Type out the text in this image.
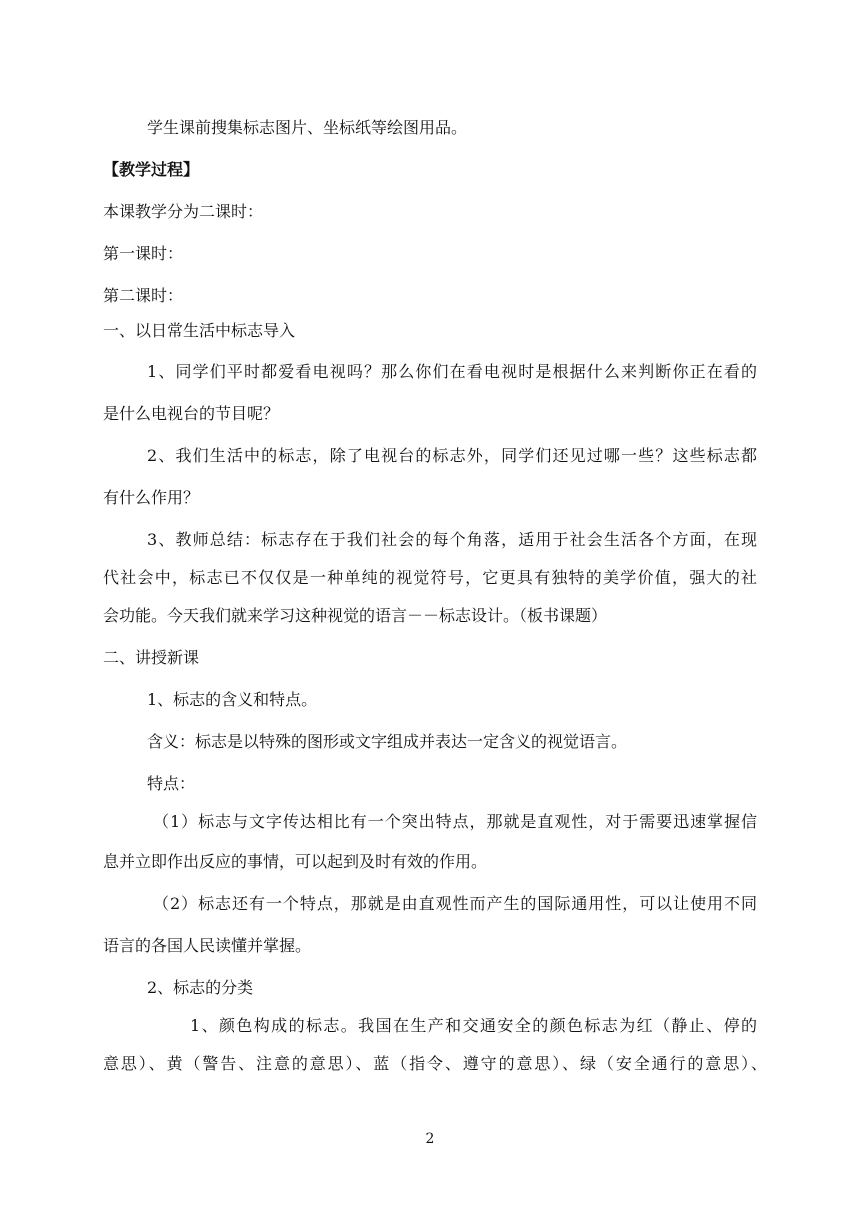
学生课前搜集标志图片、坐标纸等绘图用品。
【教学过程】
本课教学分为二课时：
第一课时：
第二课时：
一、以日常生活中标志导入
1、同学们平时都爱看电视吗？那么你们在看电视时是根据什么来判断你正在看的
是什么电视台的节目呢？
2、我们生活中的标志，除了电视台的标志外，同学们还见过哪一些？这些标志都
有什么作用？
3、教师总结：标志存在于我们社会的每个角落，适用于社会生活各个方面，在现
代社会中，标志已不仅仅是一种单纯的视觉符号，它更具有独特的美学价值，强大的社
会功能。今天我们就来学习这种视觉的语言－－标志设计。（板书课题）
二、讲授新课
1、标志的含义和特点。
含义：标志是以特殊的图形或文字组成并表达一定含义的视觉语言。
特点：
（1）标志与文字传达相比有一个突出特点，那就是直观性，对于需要迅速掌握信
息并立即作出反应的事情，可以起到及时有效的作用。
（2）标志还有一个特点，那就是由直观性而产生的国际通用性，可以让使用不同
语言的各国人民读懂并掌握。
2、标志的分类
1、颜色构成的标志。我国在生产和交通安全的颜色标志为红（静止、停的
意思）、黄（警告、注意的意思）、蓝（指令、遵守的意思）、绿（安全通行的意思）、
2
